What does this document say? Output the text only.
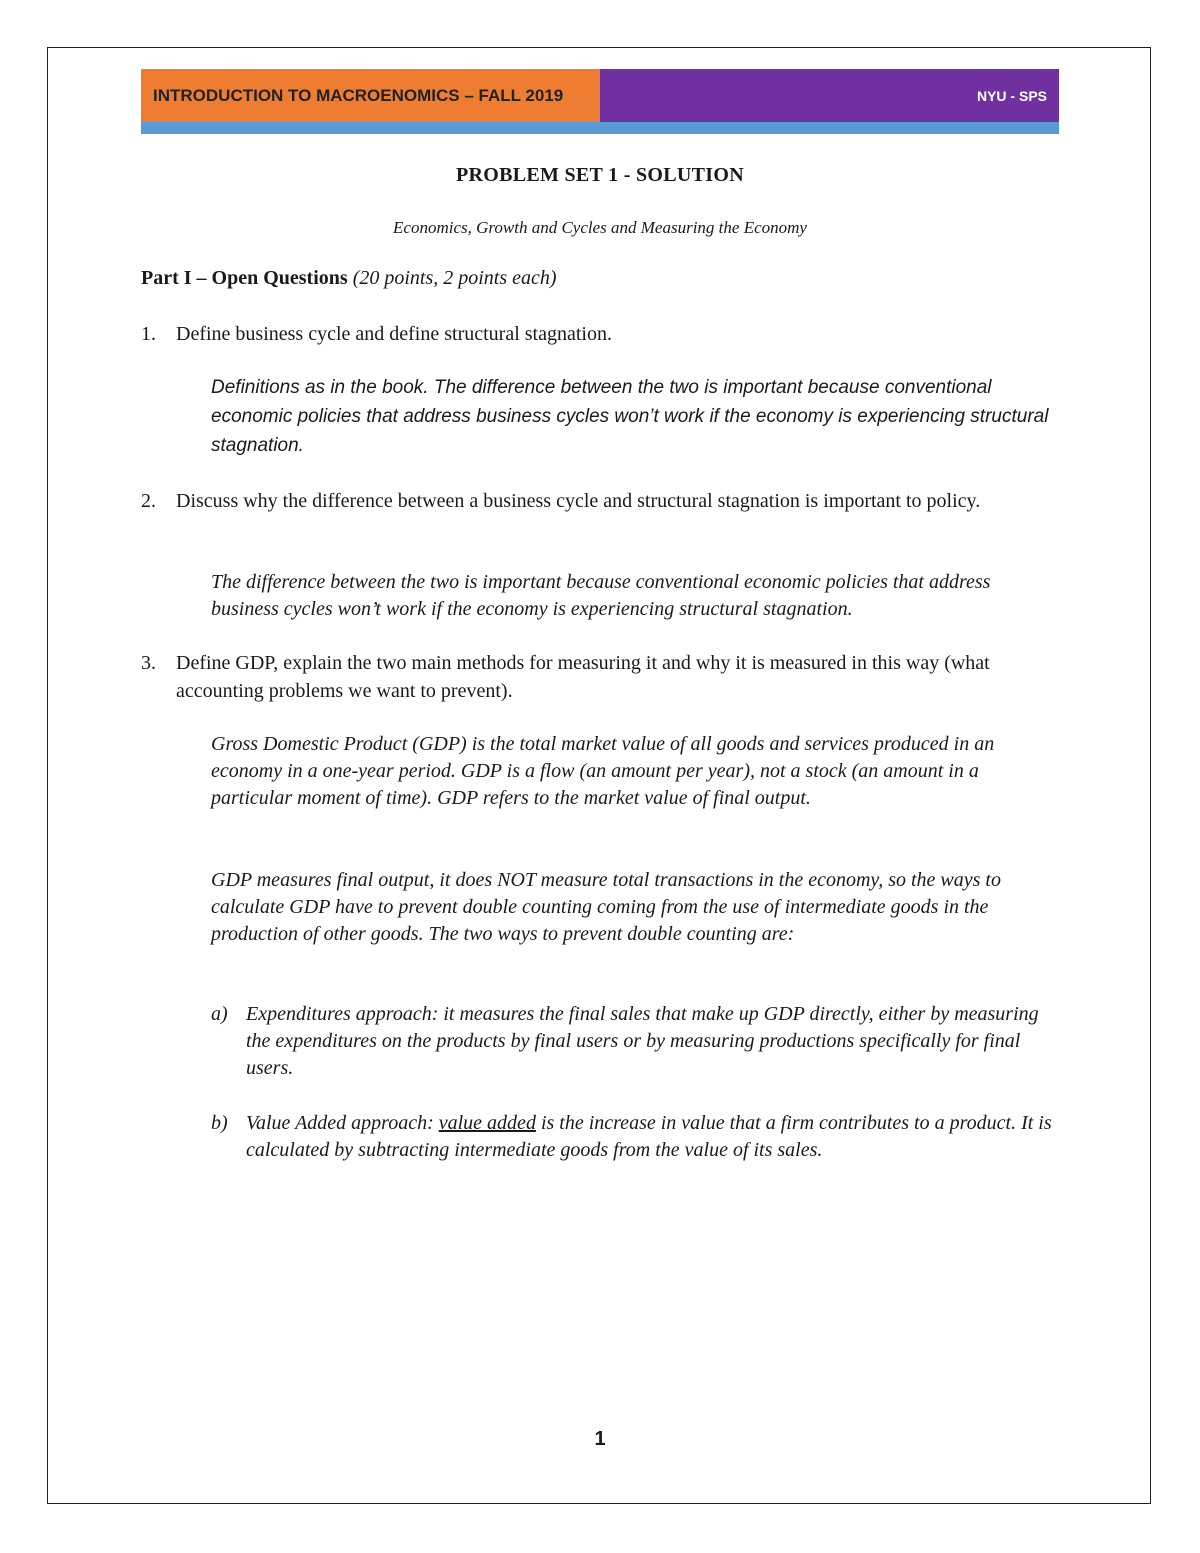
INTRODUCTION TO MACROENOMICS – FALL 2019	NYU - SPS
PROBLEM SET 1 - SOLUTION
Economics, Growth and Cycles and Measuring the Economy
Part I – Open Questions (20 points, 2 points each)
1. Define business cycle and define structural stagnation.
Definitions as in the book. The difference between the two is important because conventional economic policies that address business cycles won’t work if the economy is experiencing structural stagnation.
2. Discuss why the difference between a business cycle and structural stagnation is important to policy.
The difference between the two is important because conventional economic policies that address business cycles won’t work if the economy is experiencing structural stagnation.
3. Define GDP, explain the two main methods for measuring it and why it is measured in this way (what accounting problems we want to prevent).
Gross Domestic Product (GDP) is the total market value of all goods and services produced in an economy in a one-year period. GDP is a flow (an amount per year), not a stock (an amount in a particular moment of time). GDP refers to the market value of final output.
GDP measures final output, it does NOT measure total transactions in the economy, so the ways to calculate GDP have to prevent double counting coming from the use of intermediate goods in the production of other goods. The two ways to prevent double counting are:
a) Expenditures approach: it measures the final sales that make up GDP directly, either by measuring the expenditures on the products by final users or by measuring productions specifically for final users.
b) Value Added approach: value added is the increase in value that a firm contributes to a product. It is calculated by subtracting intermediate goods from the value of its sales.
1
